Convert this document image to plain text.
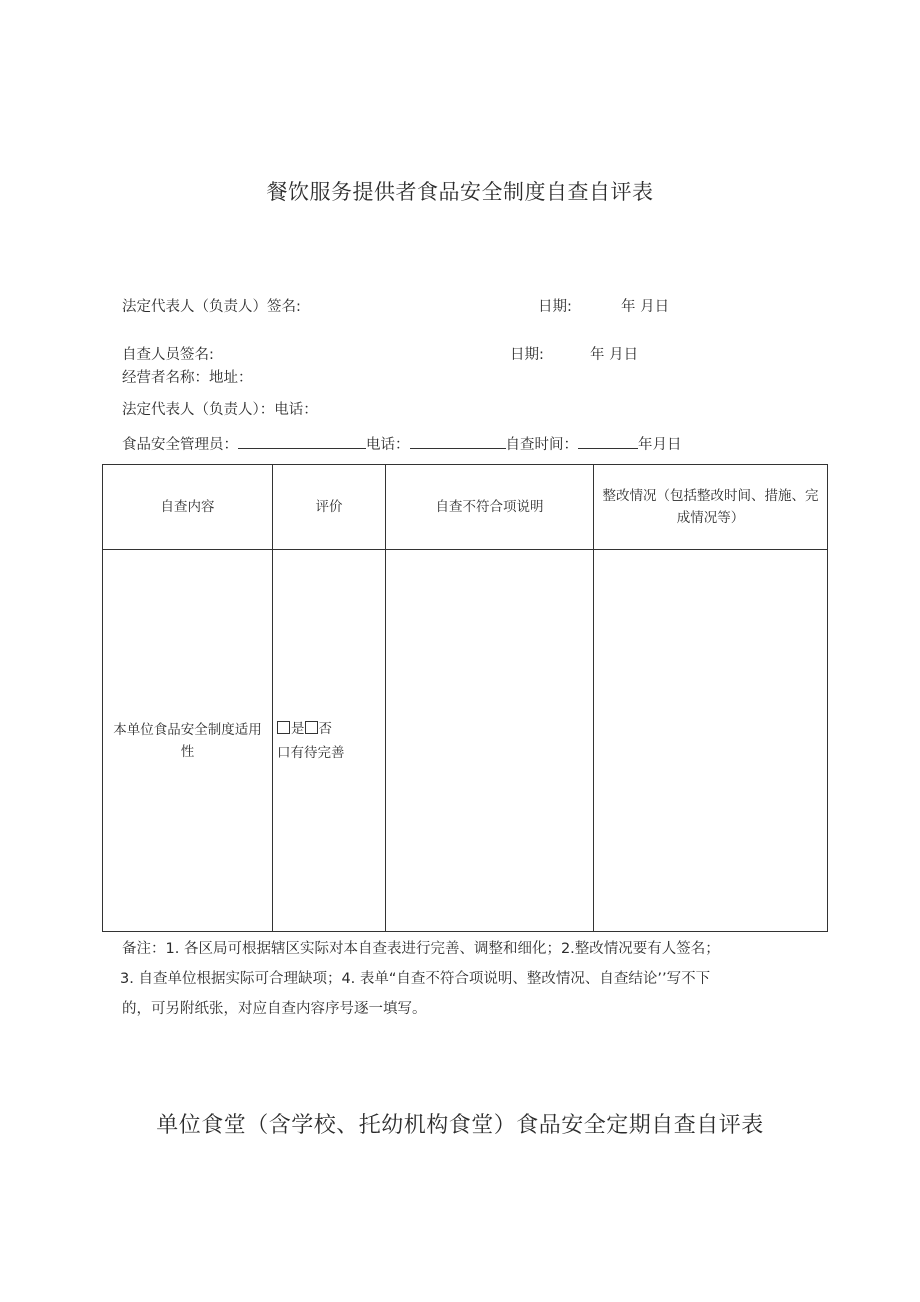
餐饮服务提供者食品安全制度自查自评表
法定代表人（负责人）签名:	日期:	年 月日
自查人员签名:	日期:	年 月日
经营者名称：地址：
法定代表人（负责人）：电话：
食品安全管理员：	电话：	自查时间：	年月日
自查内容	评价	自查不符合项说明	整改情况（包括整改时间、措施、完成情况等）
本单位食品安全制度适用性	是 否
口有待完善		

备注：1. 各区局可根据辖区实际对本自查表进行完善、调整和细化；2.整改情况要有人签名；
3. 自查单位根据实际可合理缺项；4. 表单“自查不符合项说明、整改情况、自查结论’’写不下
的，可另附纸张，对应自查内容序号逐一填写。
单位食堂（含学校、托幼机构食堂）食品安全定期自查自评表
